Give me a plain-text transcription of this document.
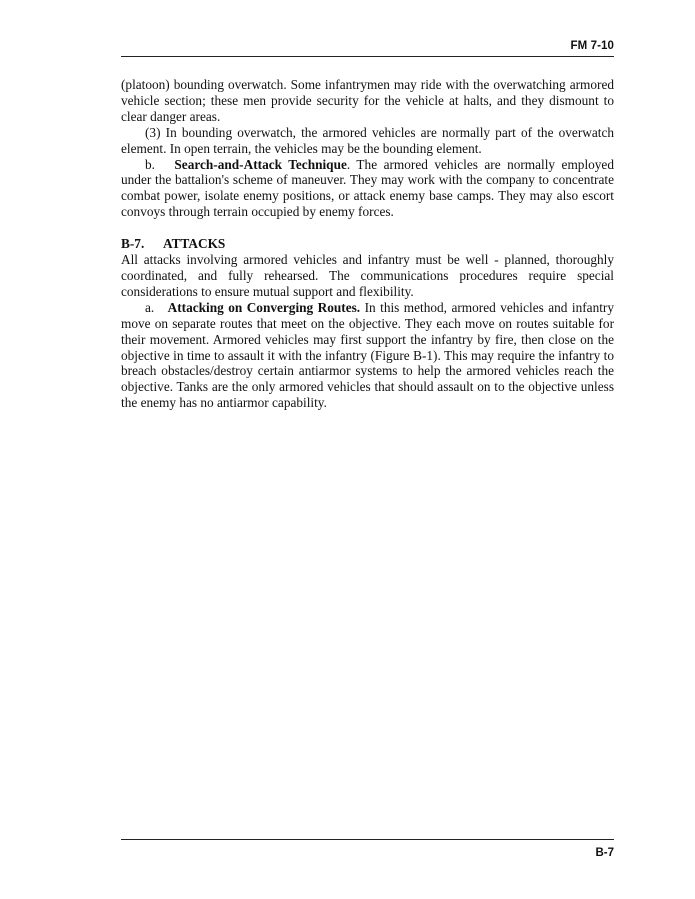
FM 7-10

(platoon) bounding overwatch. Some infantrymen may ride with the overwatching armored vehicle section; these men provide security for the vehicle at halts, and they dismount to clear danger areas.

(3) In bounding overwatch, the armored vehicles are normally part of the overwatch element. In open terrain, the vehicles may be the bounding element.

b. Search-and-Attack Technique. The armored vehicles are normally employed under the battalion's scheme of maneuver. They may work with the company to concentrate combat power, isolate enemy positions, or attack enemy base camps. They may also escort convoys through terrain occupied by enemy forces.

B-7. ATTACKS

All attacks involving armored vehicles and infantry must be well - planned, thoroughly coordinated, and fully rehearsed. The communications procedures require special considerations to ensure mutual support and flexibility.

a. Attacking on Converging Routes. In this method, armored vehicles and infantry move on separate routes that meet on the objective. They each move on routes suitable for their movement. Armored vehicles may first support the infantry by fire, then close on the objective in time to assault it with the infantry (Figure B-1). This may require the infantry to breach obstacles/destroy certain antiarmor systems to help the armored vehicles reach the objective. Tanks are the only armored vehicles that should assault on to the objective unless the enemy has no antiarmor capability.

B-7
